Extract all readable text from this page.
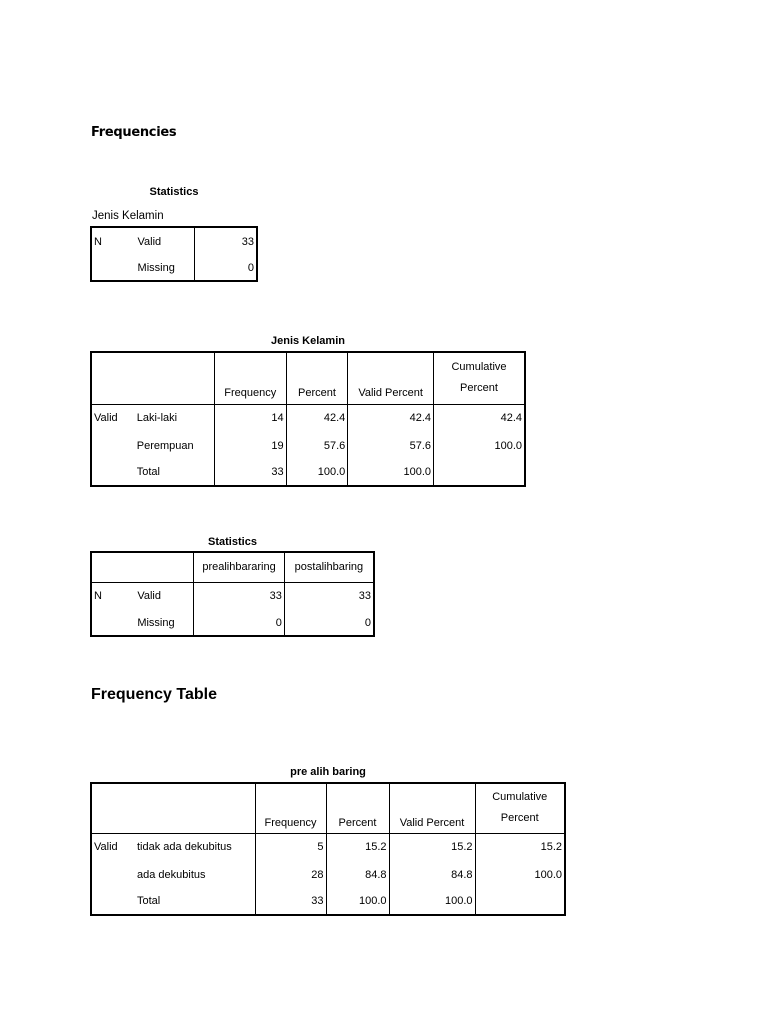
Frequencies
Statistics
Jenis Kelamin
N	Valid	33
	Missing	0
Jenis Kelamin
		Frequency	Percent	Valid Percent	Cumulative
Percent

Valid	Laki-laki	14	42.4	42.4	42.4
	Perempuan	19	57.6	57.6	100.0
	Total	33	100.0	100.0	
Statistics
		prealihbararing	postalihbaring
N	Valid	33	33
	Missing	0	0
Frequency Table
pre alih baring
		Frequency	Percent	Valid Percent	Cumulative
Percent

Valid	tidak ada dekubitus	5	15.2	15.2	15.2
	ada dekubitus	28	84.8	84.8	100.0
	Total	33	100.0	100.0	
